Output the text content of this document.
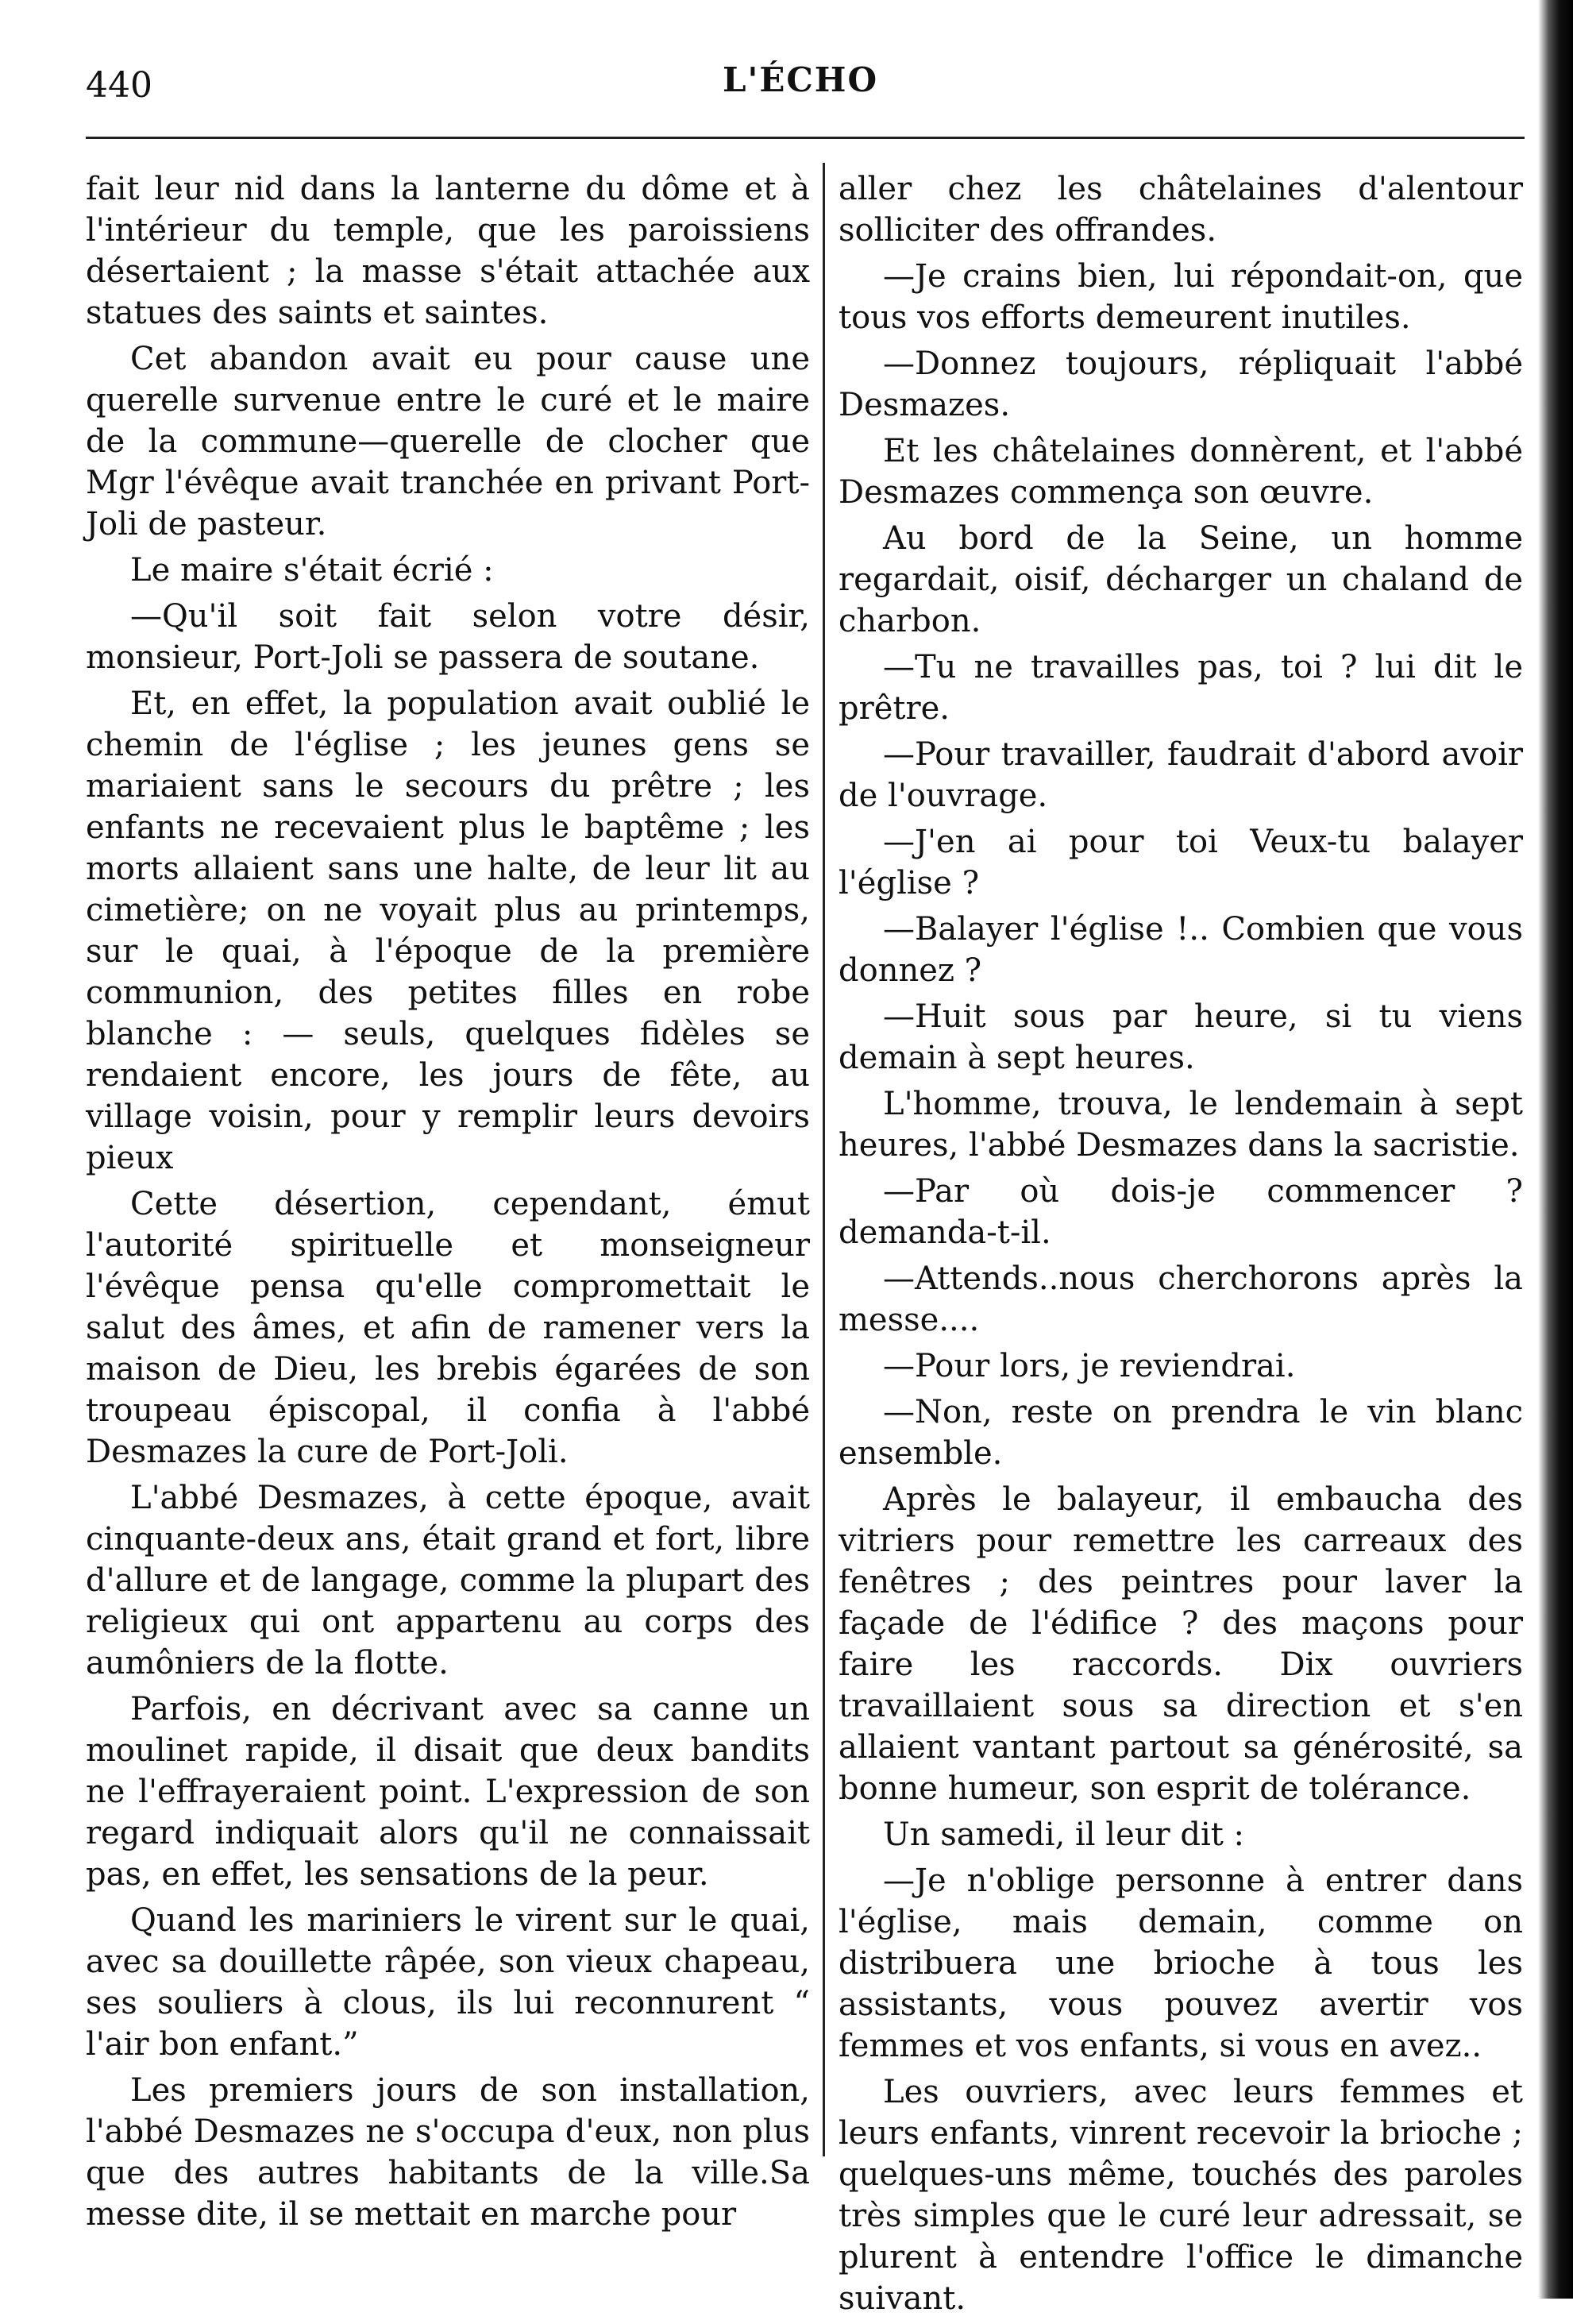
440	L'ÉCHO

fait leur nid dans la lanterne du dôme et à l'intérieur du temple, que les paroissiens désertaient ; la masse s'était attachée aux statues des saints et saintes.

Cet abandon avait eu pour cause une querelle survenue entre le curé et le maire de la commune—querelle de clocher que Mgr l'évêque avait tranchée en privant Port-Joli de pasteur.

Le maire s'était écrié :

—Qu'il soit fait selon votre désir, monsieur, Port-Joli se passera de soutane.

Et, en effet, la population avait oublié le chemin de l'église ; les jeunes gens se mariaient sans le secours du prêtre ; les enfants ne recevaient plus le baptême ; les morts allaient sans une halte, de leur lit au cimetière; on ne voyait plus au printemps, sur le quai, à l'époque de la première communion, des petites filles en robe blanche : — seuls, quelques fidèles se rendaient encore, les jours de fête, au village voisin, pour y remplir leurs devoirs pieux

Cette désertion, cependant, émut l'autorité spirituelle et monseigneur l'évêque pensa qu'elle compromettait le salut des âmes, et afin de ramener vers la maison de Dieu, les brebis égarées de son troupeau épiscopal, il confia à l'abbé Desmazes la cure de Port-Joli.

L'abbé Desmazes, à cette époque, avait cinquante-deux ans, était grand et fort, libre d'allure et de langage, comme la plupart des religieux qui ont appartenu au corps des aumôniers de la flotte.

Parfois, en décrivant avec sa canne un moulinet rapide, il disait que deux bandits ne l'effrayeraient point. L'expression de son regard indiquait alors qu'il ne connaissait pas, en effet, les sensations de la peur.

Quand les mariniers le virent sur le quai, avec sa douillette râpée, son vieux chapeau, ses souliers à clous, ils lui reconnurent “ l'air bon enfant.”

Les premiers jours de son installation, l'abbé Desmazes ne s'occupa d'eux, non plus que des autres habitants de la ville.Sa messe dite, il se mettait en marche pour

aller chez les châtelaines d'alentour solliciter des offrandes.

—Je crains bien, lui répondait-on, que tous vos efforts demeurent inutiles.

—Donnez toujours, répliquait l'abbé Desmazes.

Et les châtelaines donnèrent, et l'abbé Desmazes commença son œuvre.

Au bord de la Seine, un homme regardait, oisif, décharger un chaland de charbon.

—Tu ne travailles pas, toi ? lui dit le prêtre.

—Pour travailler, faudrait d'abord avoir de l'ouvrage.

—J'en ai pour toi Veux-tu balayer l'église ?

—Balayer l'église !.. Combien que vous donnez ?

—Huit sous par heure, si tu viens demain à sept heures.

L'homme, trouva, le lendemain à sept heures, l'abbé Desmazes dans la sacristie.

—Par où dois-je commencer ? demanda-t-il.

—Attends..nous cherchorons après la messe....

—Pour lors, je reviendrai.

—Non, reste on prendra le vin blanc ensemble.

Après le balayeur, il embaucha des vitriers pour remettre les carreaux des fenêtres ; des peintres pour laver la façade de l'édifice ? des maçons pour faire les raccords. Dix ouvriers travaillaient sous sa direction et s'en allaient vantant partout sa générosité, sa bonne humeur, son esprit de tolérance.

Un samedi, il leur dit :

—Je n'oblige personne à entrer dans l'église, mais demain, comme on distribuera une brioche à tous les assistants, vous pouvez avertir vos femmes et vos enfants, si vous en avez..

Les ouvriers, avec leurs femmes et leurs enfants, vinrent recevoir la brioche ; quelques-uns même, touchés des paroles très simples que le curé leur adressait, se plurent à entendre l'office le dimanche suivant.
